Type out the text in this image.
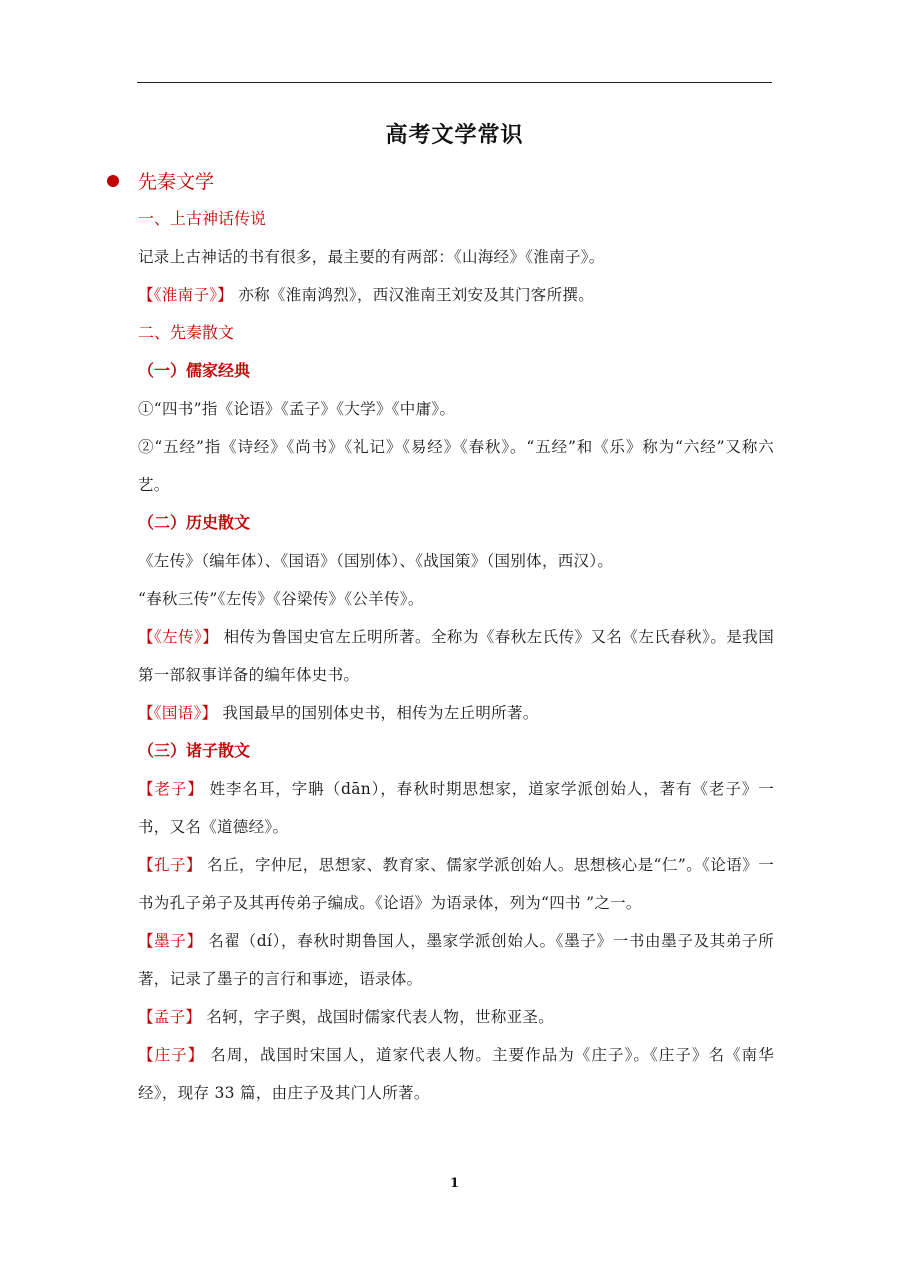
高考文学常识
先秦文学
一、上古神话传说
记录上古神话的书有很多，最主要的有两部：《山海经》《淮南子》。
【《淮南子》】 亦称《淮南鸿烈》，西汉淮南王刘安及其门客所撰。
二、先秦散文
（一）儒家经典
①“四书”指《论语》《孟子》《大学》《中庸》。
②“五经”指《诗经》《尚书》《礼记》《易经》《春秋》。“五经”和《乐》称为“六经”又称六艺。
（二）历史散文
《左传》（编年体）、《国语》（国别体）、《战国策》（国别体，西汉）。
“春秋三传”《左传》《谷梁传》《公羊传》。
【《左传》】 相传为鲁国史官左丘明所著。全称为《春秋左氏传》又名《左氏春秋》。是我国第一部叙事详备的编年体史书。
【《国语》】 我国最早的国别体史书，相传为左丘明所著。
（三）诸子散文
【老子】 姓李名耳，字聃（dān），春秋时期思想家，道家学派创始人，著有《老子》一书，又名《道德经》。
【孔子】 名丘，字仲尼，思想家、教育家、儒家学派创始人。思想核心是“仁”。《论语》一书为孔子弟子及其再传弟子编成。《论语》为语录体，列为“四书 ”之一。
【墨子】 名翟（dí），春秋时期鲁国人，墨家学派创始人。《墨子》一书由墨子及其弟子所著，记录了墨子的言行和事迹，语录体。
【孟子】 名轲，字子舆，战国时儒家代表人物，世称亚圣。
【庄子】 名周，战国时宋国人，道家代表人物。主要作品为《庄子》。《庄子》名《南华经》，现存 33 篇，由庄子及其门人所著。
1
